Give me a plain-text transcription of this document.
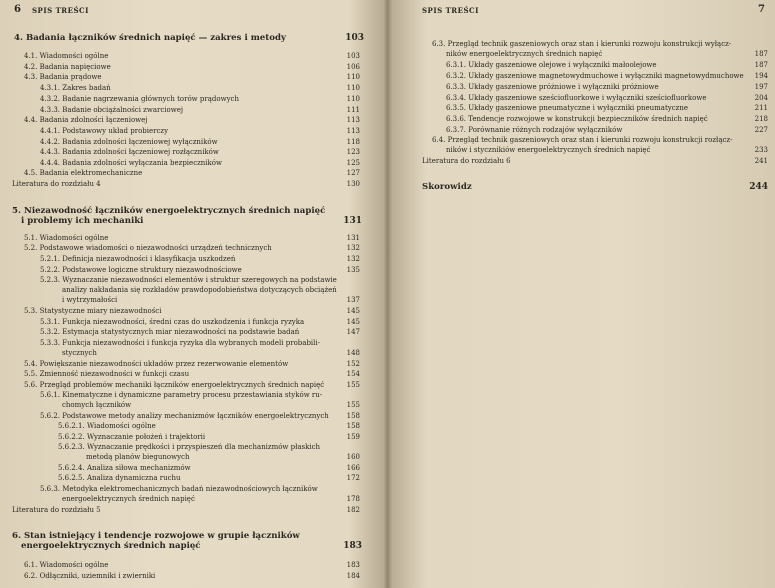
6 SPIS TREŚCI
4. Badania łączników średnich napięć — zakres i metody	103
4.1. Wiadomości ogólne	103
4.2. Badania napięciowe	106
4.3. Badania prądowe	110
4.3.1. Zakres badań	110
4.3.2. Badanie nagrzewania głównych torów prądowych	110
4.3.3. Badanie obciążalności zwarciowej	111
4.4. Badania zdolności łączeniowej	113
4.4.1. Podstawowy układ probierczy	113
4.4.2. Badania zdolności łączeniowej wyłączników	118
4.4.3. Badania zdolności łączeniowej rozłączników	123
4.4.4. Badania zdolności wyłączania bezpieczników	125
4.5. Badania elektromechaniczne	127
Literatura do rozdziału 4	130
5. Niezawodność łączników energoelektrycznych średnich napięć
i problemy ich mechaniki	131
5.1. Wiadomości ogólne	131
5.2. Podstawowe wiadomości o niezawodności urządzeń technicznych	132
5.2.1. Definicja niezawodności i klasyfikacja uszkodzeń	132
5.2.2. Podstawowe logiczne struktury niezawodnościowe	135
5.2.3. Wyznaczanie niezawodności elementów i struktur szeregowych na podstawie
analizy nakładania się rozkładów prawdopodobieństwa dotyczących obciążeń
i wytrzymałości	137
5.3. Statystyczne miary niezawodności	145
5.3.1. Funkcja niezawodności, średni czas do uszkodzenia i funkcja ryzyka	145
5.3.2. Estymacja statystycznych miar niezawodności na podstawie badań	147
5.3.3. Funkcja niezawodności i funkcja ryzyka dla wybranych modeli probabili-
stycznych	148
5.4. Powiększanie niezawodności układów przez rezerwowanie elementów	152
5.5. Zmienność niezawodności w funkcji czasu	154
5.6. Przegląd problemów mechaniki łączników energoelektrycznych średnich napięć	155
5.6.1. Kinematyczne i dynamiczne parametry procesu przestawiania styków ru-
chomych łączników	155
5.6.2. Podstawowe metody analizy mechanizmów łączników energoelektrycznych	158
5.6.2.1. Wiadomości ogólne	158
5.6.2.2. Wyznaczanie położeń i trajektorii	159
5.6.2.3. Wyznaczanie prędkości i przyspieszeń dla mechanizmów płaskich
metodą planów biegunowych	160
5.6.2.4. Analiza siłowa mechanizmów	166
5.6.2.5. Analiza dynamiczna ruchu	172
5.6.3. Metodyka elektromechanicznych badań niezawodnościowych łączników
energoelektrycznych średnich napięć	178
Literatura do rozdziału 5	182
6. Stan istniejący i tendencje rozwojowe w grupie łączników
energoelektrycznych średnich napięć	183
6.1. Wiadomości ogólne	183
6.2. Odłączniki, uziemniki i zwierniki	184
SPIS TREŚCI	7
6.3. Przegląd technik gaszeniowych oraz stan i kierunki rozwoju konstrukcji wyłącz-
ników energoelektrycznych średnich napięć	187
6.3.1. Układy gaszeniowe olejowe i wyłączniki małoolejowe	187
6.3.2. Układy gaszeniowe magnetowydmuchowe i wyłączniki magnetowydmuchowe 194
6.3.3. Układy gaszeniowe próżniowe i wyłączniki próżniowe	197
6.3.4. Układy gaszeniowe sześciofluorkowe i wyłączniki sześciofluorkowe	204
6.3.5. Układy gaszeniowe pneumatyczne i wyłączniki pneumatyczne	211
6.3.6. Tendencje rozwojowe w konstrukcji bezpieczników średnich napięć	218
6.3.7. Porównanie różnych rodzajów wyłączników	227
6.4. Przegląd technik gaszeniowych oraz stan i kierunki rozwoju konstrukcji rozłącz-
ników i stycznikiów energoelektrycznych średnich napięć	233
Literatura do rozdziału 6	241
Skorowidz	244
